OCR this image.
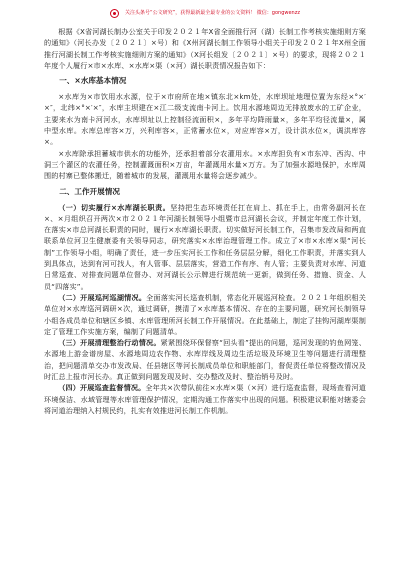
关注头条号“公文研究”，获得最新最全最专业的公文资料！ 微信：gongwenzz

根据《X省河湖长制办公室关于印发２０２１年X省全面推行河（湖）长制工作考核实施细则方案的通知》（河长办发〔２０２１〕×号）和《X州河湖长制工作领导小组关于印发２０２１年X州全面推行河湖长制工作考核实施细则方案的通知》（X河长组发〔２０２１〕×号）的要求，现将２０２１年度个人履行×市×水库、×水库×渠（×河）湖长职责情况报告如下：

一、×水库基本情况

×水库为×市饮用水水源，位于×市府所在地×镇东北×km处，水库坝址地理位置为东经×°×′×″，北纬×°×′×″，水库主坝建在×江二级支流南卡河上。饮用水源地周边无排放废水的工矿企业，主要来水为南卡河河水，水库坝址以上控制径流面积×，多年平均降雨量×，多年平均径流量×，属中型水库。水库总库容×万，兴利库容×，正常蓄水位×，对应库容×万，设计洪水位×，调洪库容×。

×水库除承担蓄城市供水的功能外，还承担着部分农灌用水。×水库担负有×市东冲、西沟、中洞三个灌区的农灌任务，控制灌溉面积×万亩，年灌溉用水量×万方。为了加强水源地保护，水库周围的村寨已整体搬迁，随着城市的发展，灌溉用水量将会逐步减少。

二、工作开展情况

（一）切实履行×水库湖长职责。坚持把生态环境责任扛在肩上、抓在手上，由常务副河长在×、×月组织召开两次×市２０２１年河湖长制领导小组暨市总河湖长会议，并制定年度工作计划，在落实×市总河湖长职责的同时，履行×水库湖长职责。切实做好河长制工作，召集市发改局和两直联系单位河卫生健康委有关领导同志，研究落实×水库治理管理工作。成立了×市×水库×渠“河长制”工作领导小组，明确了责任，进一步压实河长工作和任务层层分解，细化工作职责，并落实到人到具体点，达到有河可找人，有人管事、层层落实，营造工作有序、有人管；主要负责对水库、河道日常巡查、对排查问题单位督办、对河湖长公示牌进行规范统一更新，做到任务、措施、资金、人员“四落实”。

（二）开展巡河巡湖情况。全面落实河长巡查机制，常态化开展巡河检查。２０２１年组织相关单位对×水库巡河调研×次，通过调研，摸清了×水库基本情况、存在的主要问题，研究河长制领导小组各成员单位和辖区乡镇、水库管理所河长制工作开展情况。在此基础上，制定了挂钩河湖库渠制定了管理工作实施方案，编制了问题清单。

（三）开展清理整治行动情况。紧紧围绕环保督察“回头看”提出的问题，巡河发现的钓鱼网笼、水源地上游金谱房屋、水源地周边农作物、水库岸线及周边生活垃圾及环境卫生等问题进行清理整治，把问题清单交办市发改局、任县辖区等河长制成员单位和职能部门，督促责任单位将整改情况及时汇总上报市河长办。真正做到问题发现及时、交办整改及时、整治销号及时。

（四）开展巡查监督情况。全年共×次带队前往×水库×渠（×河）进行巡查监督，现场查看河道环境保洁、水域管理等水库管理保护情况，定期沟通工作落实中出现的问题。积极建议职能对辖委会将河道治理纳入村规民约，扎实有效推进河长制工作机制。
